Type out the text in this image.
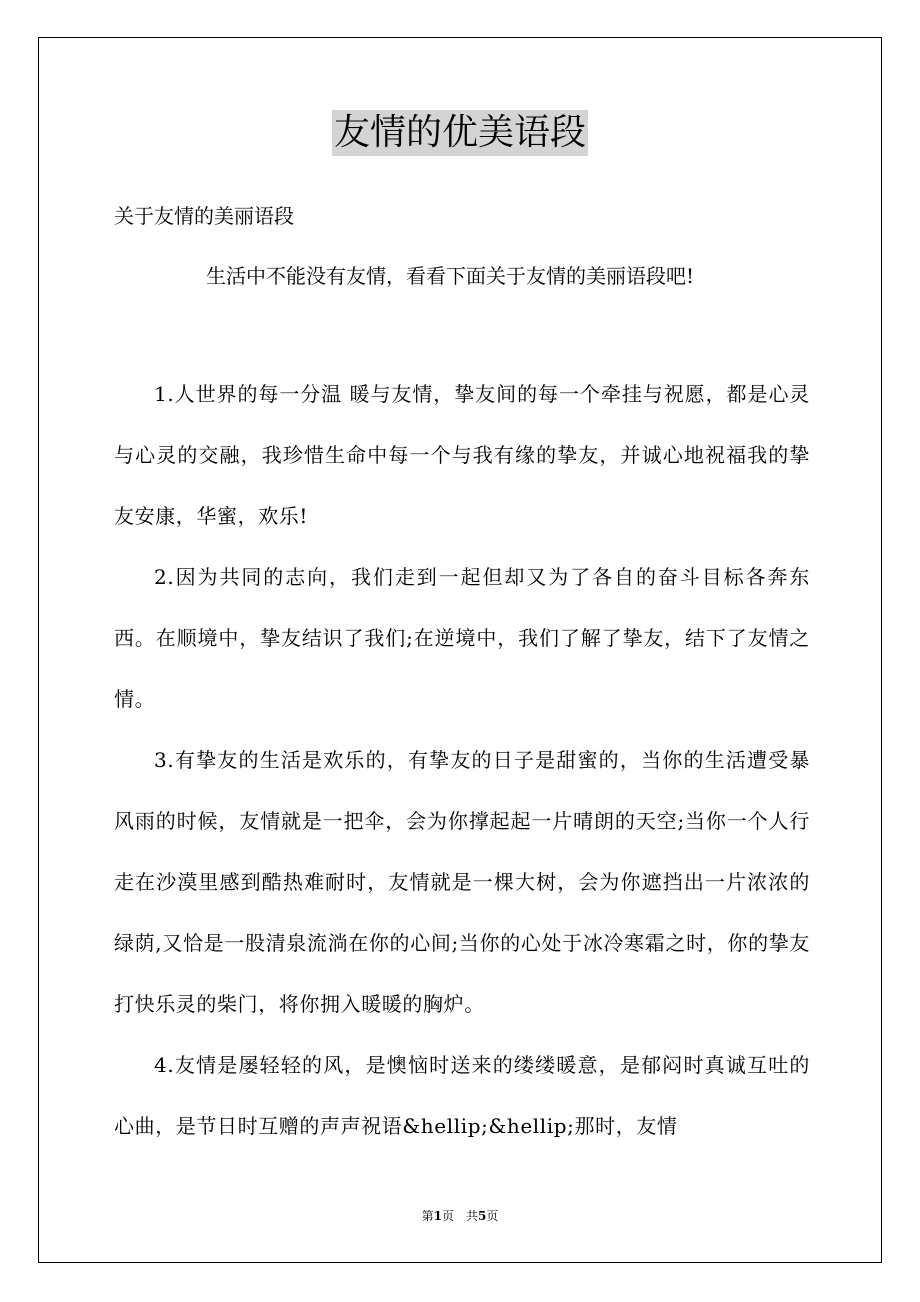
友情的优美语段
关于友情的美丽语段
生活中不能没有友情，看看下面关于友情的美丽语段吧!

1.人世界的每一分温 暖与友情，挚友间的每一个牵挂与祝愿，都是心灵与心灵的交融，我珍惜生命中每一个与我有缘的挚友，并诚心地祝福我的挚友安康，华蜜，欢乐!

2.因为共同的志向，我们走到一起但却又为了各自的奋斗目标各奔东西。在顺境中，挚友结识了我们;在逆境中，我们了解了挚友，结下了友情之情。

3.有挚友的生活是欢乐的，有挚友的日子是甜蜜的，当你的生活遭受暴风雨的时候，友情就是一把伞，会为你撑起起一片晴朗的天空;当你一个人行走在沙漠里感到酷热难耐时，友情就是一棵大树，会为你遮挡出一片浓浓的绿荫,又恰是一股清泉流淌在你的心间;当你的心处于冰冷寒霜之时，你的挚友打快乐灵的柴门，将你拥入暖暖的胸炉。

4.友情是屡轻轻的风，是懊恼时送来的缕缕暖意，是郁闷时真诚互吐的心曲，是节日时互赠的声声祝语&hellip;&hellip;那时，友情

第1页　共5页
